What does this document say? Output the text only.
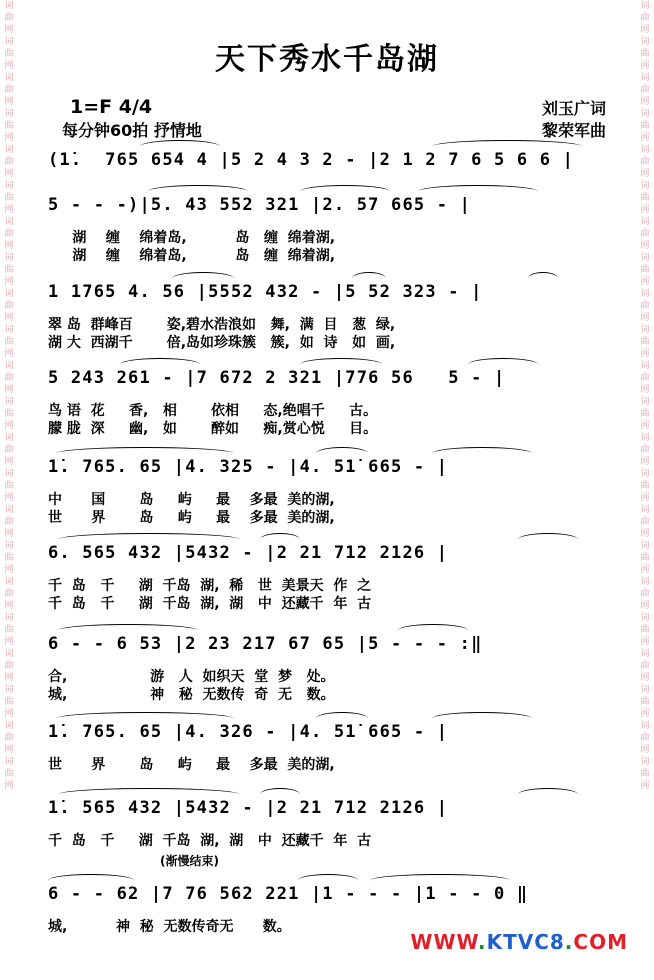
词曲网词曲网词曲网词曲网词曲网词曲网词曲网词曲网词曲网词曲网词曲网词曲网词曲网词曲网词曲网词曲网词曲网词曲网词曲网词曲网词曲网词曲网
词曲网词曲网词曲网词曲网词曲网词曲网词曲网词曲网词曲网词曲网词曲网词曲网词曲网词曲网词曲网词曲网词曲网词曲网词曲网词曲网词曲网词曲网
天下秀水千岛湖
1=F 4/4
每分钟60拍 抒情地
刘玉广词
黎荣军曲
(1̇.  765 654 4 |5 2 4 3 2 - |2 1 2 7 6 5 6 6 |
5 - - -)|5. 43 552 321 |2. 57 665 - |
湖    缠    绵着岛,          岛   缠  绵着湖,
湖    缠    绵着岛,          岛   缠  绵着湖,
1 1765 4. 56 |5552 432 - |5 52 323 - |
翠 岛  群峰百       姿,碧水浩浪如   舞,  满  目   葱  绿,
湖 大  西湖千       倍,岛如珍珠簇   簇,  如  诗   如  画,
5 243 261 - |7 672 2 321 |776 56   5 - |
鸟 语  花     香,   相       依相     态,绝唱千     古。
朦 胧  深     幽,   如       醉如     痴,赏心悦     目。
1̇. 765. 65 |4. 325 - |4. 51̇ 665 - |
中      国       岛     屿     最    多最  美的湖,
世      界       岛     屿     最    多最  美的湖,
6. 565 432 |5432 - |2 21 712 2126 |
千  岛   千     湖  千岛  湖,  稀   世  美景天  作  之
千  岛   千     湖  千岛  湖,  湖   中  还藏千  年  古
6 - - 6 53 |2 23 217 67 65 |5 - - - :‖
合,                 游   人  如织天  堂  梦   处。
城,                 神   秘  无数传  奇  无   数。
1̇. 765. 65 |4. 326 - |4. 51̇ 665 - |
世      界       岛     屿     最    多最  美的湖,
1̇. 565 432 |5432 - |2 21 712 2126 |
千  岛   千     湖  千岛  湖,  湖   中  还藏千  年  古
(渐慢结束)
6 - - 62 |7 76 562 221 |1 - - - |1 - - 0 ‖
城,          神  秘  无数传奇无      数。
WWW.KTVC8.COM
